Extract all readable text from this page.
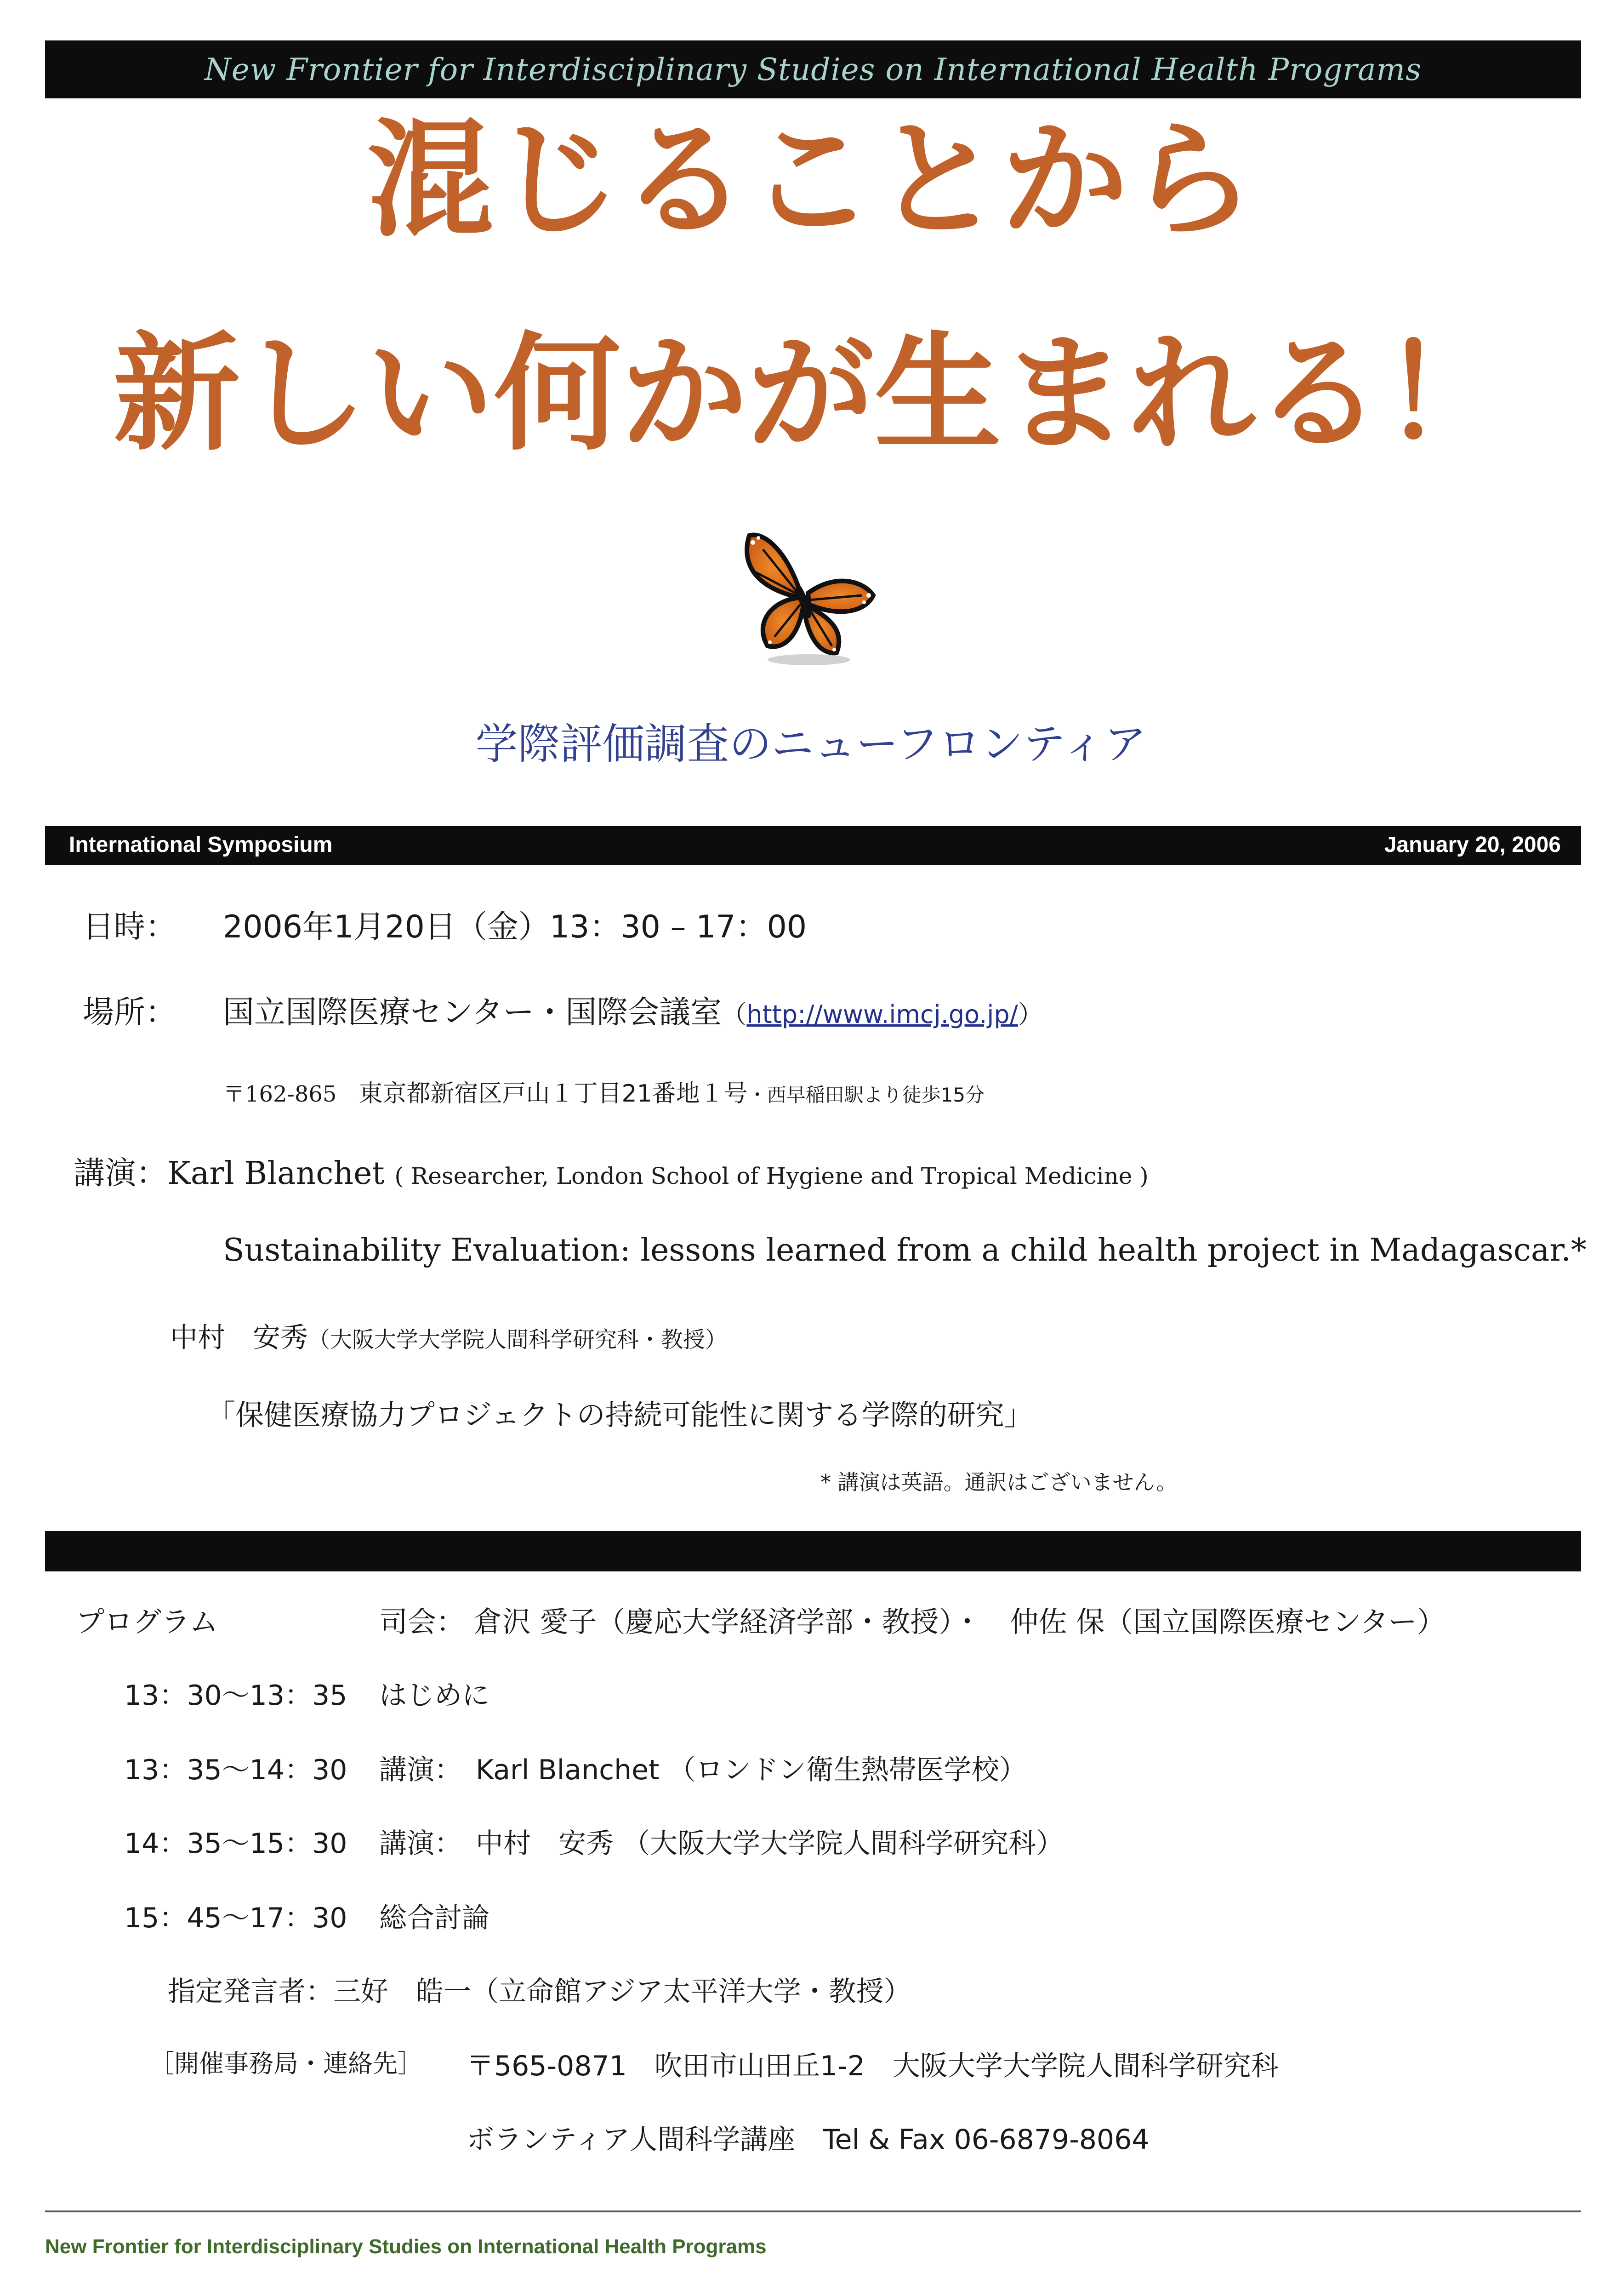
New Frontier for Interdisciplinary Studies on International Health Programs
混じることから
新しい何かが生まれる！
学際評価調査のニューフロンティア
International Symposium	January 20, 2006
日時： 2006年1月20日（金）13：30 – 17：00
場所： 国立国際医療センター・国際会議室（http://www.imcj.go.jp/）
〒162-865　 東京都新宿区戸山１丁目21番地１号・西早稲田駅より徒歩15分
講演：Karl Blanchet ( Researcher, London School of Hygiene and Tropical Medicine )
Sustainability Evaluation: lessons learned from a child health project in Madagascar.*
中村　安秀（大阪大学大学院人間科学研究科・教授）
「保健医療協力プロジェクトの持続可能性に関する学際的研究」
* 講演は英語。通訳はございません。
プログラム	司会： 倉沢 愛子（慶応大学経済学部・教授）・　仲佐 保（国立国際医療センター）
13：30〜13：35 はじめに
13：35〜14：30 講演：　Karl Blanchet （ロンドン衛生熱帯医学校）
14：35〜15：30 講演：　中村　安秀 （大阪大学大学院人間科学研究科）
15：45〜17：30 総合討論
指定発言者：三好　皓一（立命館アジア太平洋大学・教授）
［開催事務局・連絡先］ 〒565-0871　吹田市山田丘1-2　大阪大学大学院人間科学研究科
ボランティア人間科学講座　Tel & Fax 06-6879-8064
New Frontier for Interdisciplinary Studies on International Health Programs
